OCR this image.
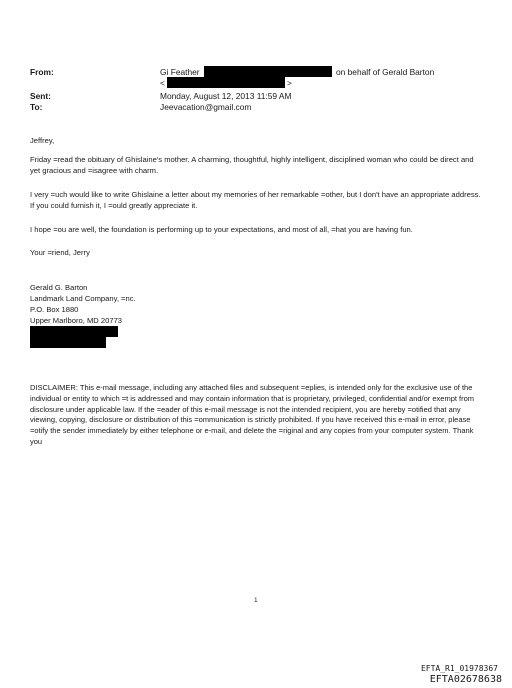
From:	Gi Feather	on behalf of Gerald Barton
<	>
Sent:	Monday, August 12, 2013 11:59 AM
To:	Jeevacation@gmail.com
Jeffrey,
Friday =read the obituary of Ghislaine's mother. A charming, thoughtful, highly intelligent, disciplined woman who could be direct and yet gracious and =isagree with charm.
I very =uch would like to write Ghislaine a letter about my memories of her remarkable =other, but I don't have an appropriate address. If you could furnish it, I =ould greatly appreciate it.
I hope =ou are well, the foundation is performing up to your expectations, and most of all, =hat you are having fun.
Your =riend, Jerry
Gerald G. Barton
Landmark Land Company, =nc.
P.O. Box 1880
Upper Marlboro, MD 20773
DISCLAIMER: This e-mail message, including any attached files and subsequent =eplies, is intended only for the exclusive use of the individual or entity to which =t is addressed and may contain information that is proprietary, privileged, confidential and/or exempt from disclosure under applicable law. If the =eader of this e-mail message is not the intended recipient, you are hereby =otified that any viewing, copying, disclosure or distribution of this =ommunication is strictly prohibited. If you have received this e-mail in error, please =otify the sender immediately by either telephone or e-mail, and delete the =riginal and any copies from your computer system. Thank you
1
EFTA_R1_01978367
EFTA02678638
